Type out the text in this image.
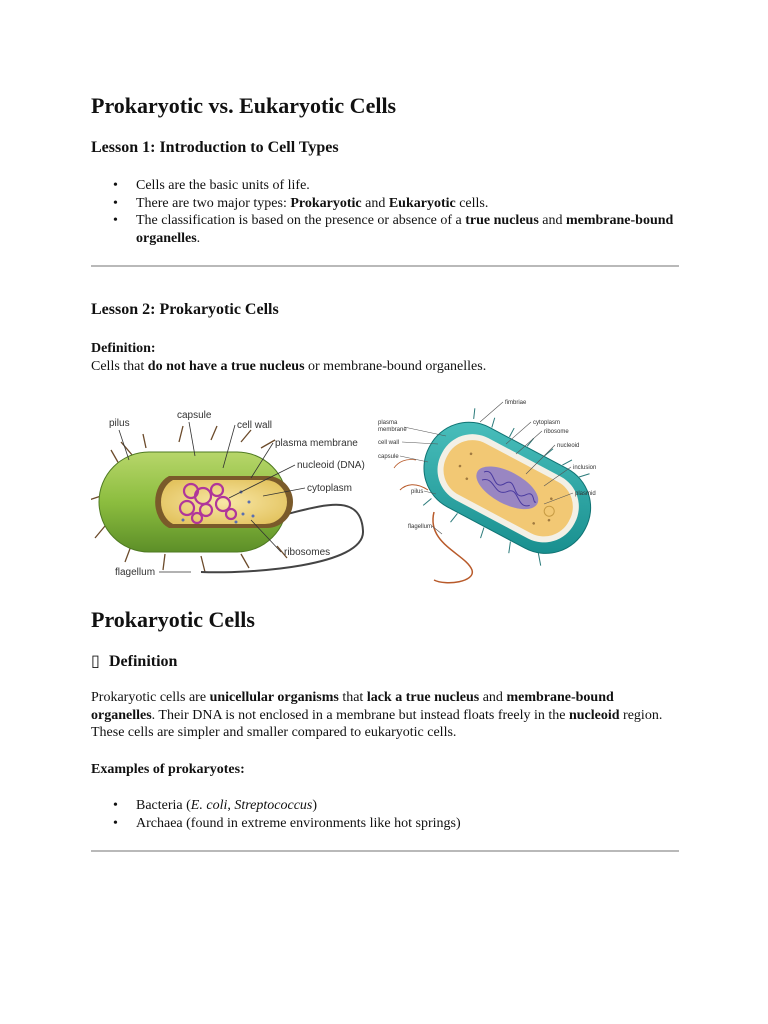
Prokaryotic vs. Eukaryotic Cells
Lesson 1: Introduction to Cell Types
• Cells are the basic units of life.
• There are two major types: Prokaryotic and Eukaryotic cells.
• The classification is based on the presence or absence of a true nucleus and membrane-bound organelles.
Lesson 2: Prokaryotic Cells

Definition:
Cells that do not have a true nucleus or membrane-bound organelles.

Prokaryotic Cells
▯ Definition

Prokaryotic cells are unicellular organisms that lack a true nucleus and membrane-bound organelles. Their DNA is not enclosed in a membrane but instead floats freely in the nucleoid region. These cells are simpler and smaller compared to eukaryotic cells.

Examples of prokaryotes:

• Bacteria (E. coli, Streptococcus)
• Archaea (found in extreme environments like hot springs)
pilus
capsule
cell wall
plasma membrane
nucleoid (DNA)
cytoplasm
ribosomes
flagellum
fimbriae
plasma
membrane
cell wall
capsule
cytoplasm
ribosome
nucleoid
inclusion
plasmid
pilus
flagellum
